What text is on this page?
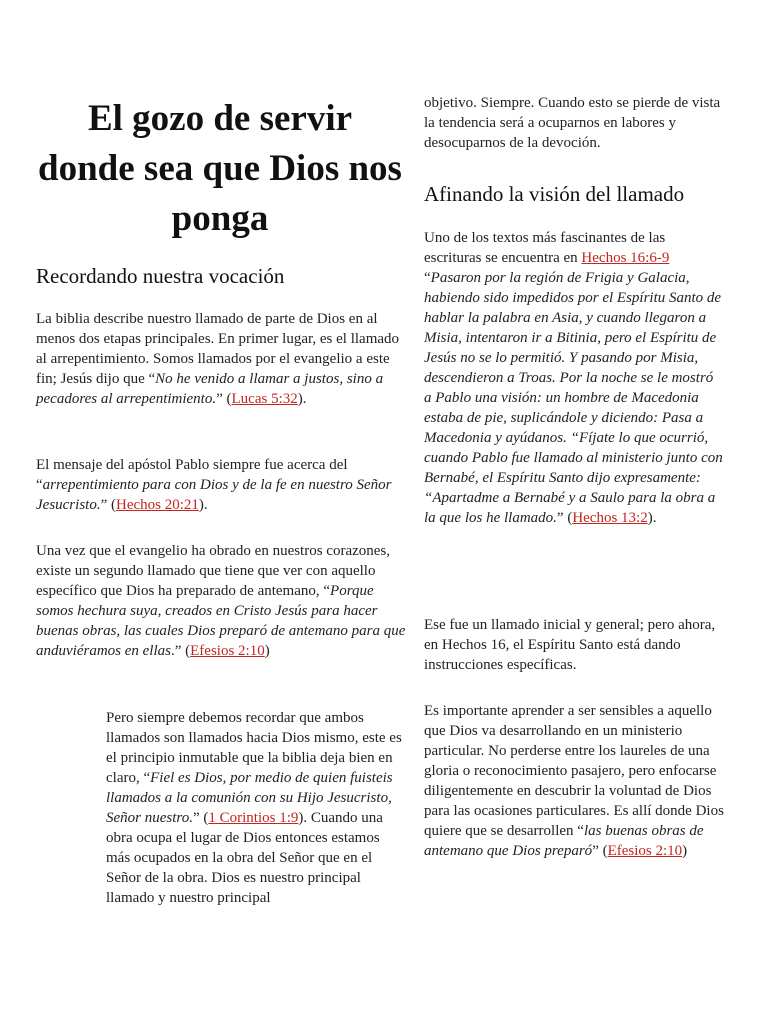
El gozo de servir donde sea que Dios nos ponga
Recordando nuestra vocación

La biblia describe nuestro llamado de parte de Dios en al menos dos etapas principales. En primer lugar, es el llamado al arrepentimiento. Somos llamados por el evangelio a este fin; Jesús dijo que “No he venido a llamar a justos, sino a pecadores al arrepentimiento.” (Lucas 5:32).

El mensaje del apóstol Pablo siempre fue acerca del “arrepentimiento para con Dios y de la fe en nuestro Señor Jesucristo.” (Hechos 20:21).

Una vez que el evangelio ha obrado en nuestros corazones, existe un segundo llamado que tiene que ver con aquello específico que Dios ha preparado de antemano, “Porque somos hechura suya, creados en Cristo Jesús para hacer buenas obras, las cuales Dios preparó de antemano para que anduviéramos en ellas.” (Efesios 2:10)

Pero siempre debemos recordar que ambos llamados son llamados hacia Dios mismo, este es el principio inmutable que la biblia deja bien en claro, “Fiel es Dios, por medio de quien fuisteis llamados a la comunión con su Hijo Jesucristo, Señor nuestro.” (1 Corintios 1:9). Cuando una obra ocupa el lugar de Dios entonces estamos más ocupados en la obra del Señor que en el Señor de la obra. Dios es nuestro principal llamado y nuestro principal

objetivo. Siempre. Cuando esto se pierde de vista la tendencia será a ocuparnos en labores y desocuparnos de la devoción.

Afinando la visión del llamado

Uno de los textos más fascinantes de las escrituras se encuentra en Hechos 16:6-9 “Pasaron por la región de Frigia y Galacia, habiendo sido impedidos por el Espíritu Santo de hablar la palabra en Asia, y cuando llegaron a Misia, intentaron ir a Bitinia, pero el Espíritu de Jesús no se lo permitió. Y pasando por Misia, descendieron a Troas. Por la noche se le mostró a Pablo una visión: un hombre de Macedonia estaba de pie, suplicándole y diciendo: Pasa a Macedonia y ayúdanos. “Fíjate lo que ocurrió, cuando Pablo fue llamado al ministerio junto con Bernabé, el Espíritu Santo dijo expresamente: “Apartadme a Bernabé y a Saulo para la obra a la que los he llamado.” (Hechos 13:2).

Ese fue un llamado inicial y general; pero ahora, en Hechos 16, el Espíritu Santo está dando instrucciones específicas.

Es importante aprender a ser sensibles a aquello que Dios va desarrollando en un ministerio particular. No perderse entre los laureles de una gloria o reconocimiento pasajero, pero enfocarse diligentemente en descubrir la voluntad de Dios para las ocasiones particulares. Es allí donde Dios quiere que se desarrollen “las buenas obras de antemano que Dios preparó” (Efesios 2:10)
